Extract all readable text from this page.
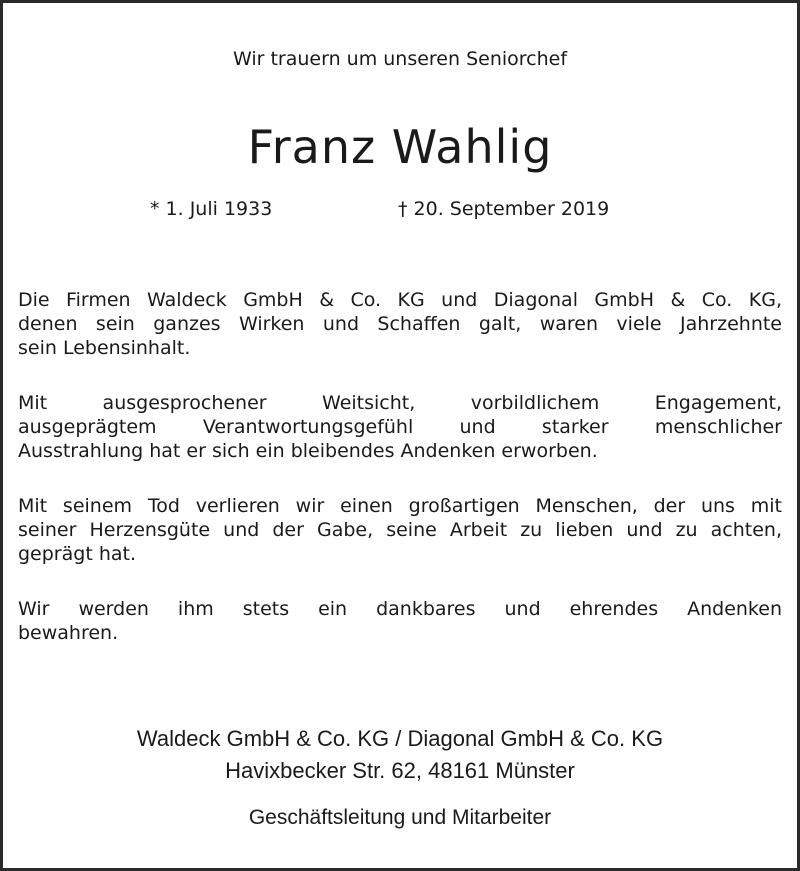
Wir trauern um unseren Seniorchef
Franz Wahlig
* 1. Juli 1933	† 20. September 2019
Die Firmen Waldeck GmbH & Co. KG und Diagonal GmbH & Co. KG,
denen sein ganzes Wirken und Schaffen galt, waren viele Jahrzehnte
sein Lebensinhalt.
Mit ausgesprochener Weitsicht, vorbildlichem Engagement,
ausgeprägtem Verantwortungsgefühl und starker menschlicher
Ausstrahlung hat er sich ein bleibendes Andenken erworben.
Mit seinem Tod verlieren wir einen großartigen Menschen, der uns mit
seiner Herzensgüte und der Gabe, seine Arbeit zu lieben und zu achten,
geprägt hat.
Wir werden ihm stets ein dankbares und ehrendes Andenken
bewahren.
Waldeck GmbH & Co. KG / Diagonal GmbH & Co. KG
Havixbecker Str. 62, 48161 Münster
Geschäftsleitung und Mitarbeiter
